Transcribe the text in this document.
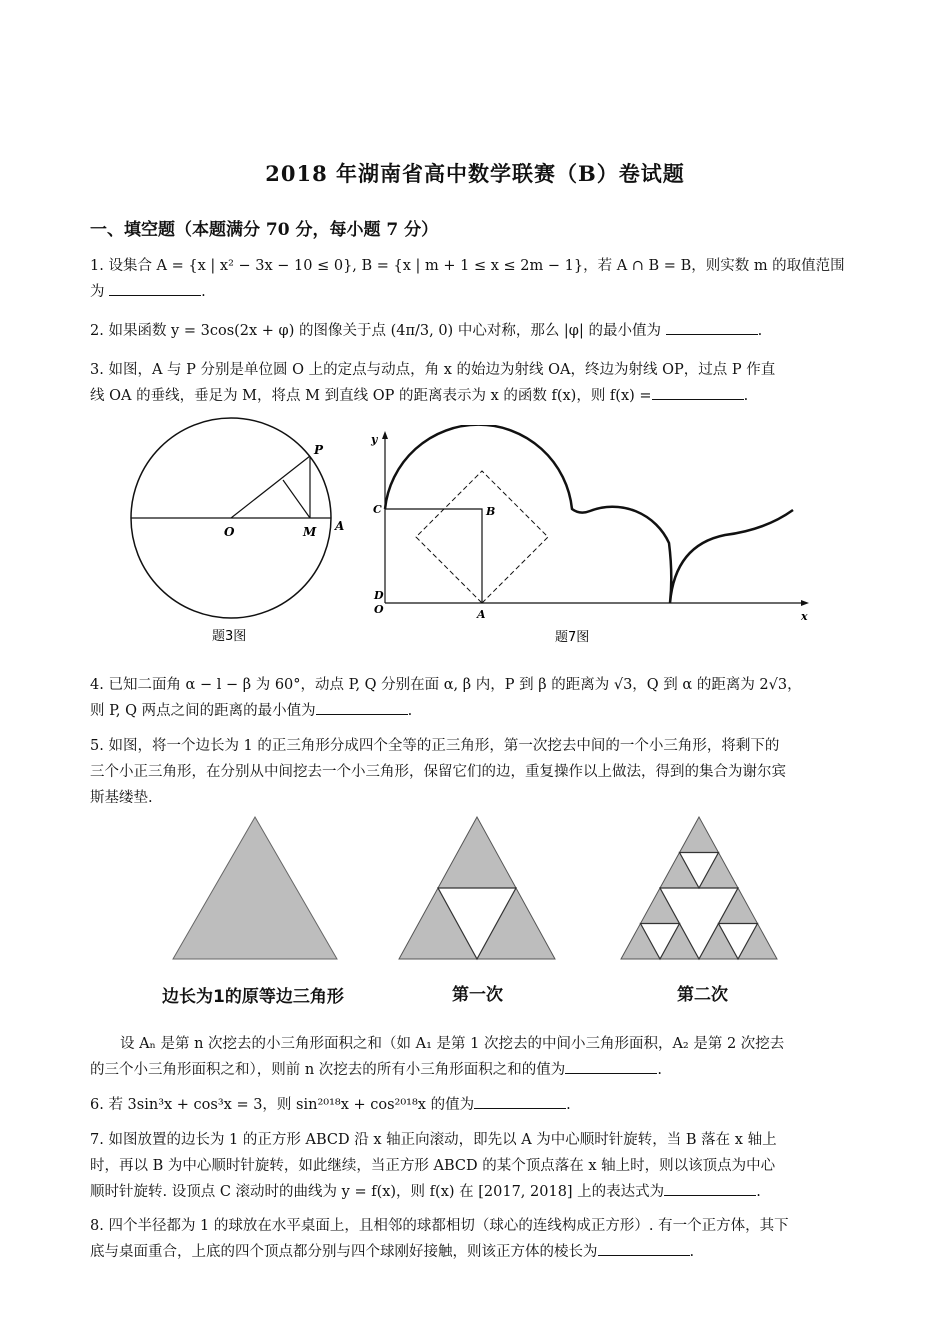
2018 年湖南省高中数学联赛（B）卷试题
一、填空题（本题满分 70 分，每小题 7 分）
1. 设集合 A = {x | x² − 3x − 10 ≤ 0}, B = {x | m + 1 ≤ x ≤ 2m − 1}，若 A ∩ B = B，则实数 m 的取值范围
为	.
2. 如果函数 y = 3cos(2x + φ) 的图像关于点 (4π/3, 0) 中心对称，那么 |φ| 的最小值为	.
3. 如图，A 与 P 分别是单位圆 O 上的定点与动点，角 x 的始边为射线 OA，终边为射线 OP，过点 P 作直
线 OA 的垂线，垂足为 M，将点 M 到直线 OP 的距离表示为 x 的函数 f(x)，则 f(x) =	.
O	M A
P
题3图
y
x
C	B
D
O	A
题7图
4. 已知二面角 α − l − β 为 60°，动点 P, Q 分别在面 α, β 内，P 到 β 的距离为 √3，Q 到 α 的距离为 2√3，
则 P, Q 两点之间的距离的最小值为	.
5. 如图，将一个边长为 1 的正三角形分成四个全等的正三角形，第一次挖去中间的一个小三角形，将剩下的
三个小正三角形，在分别从中间挖去一个小三角形，保留它们的边，重复操作以上做法，得到的集合为谢尔宾
斯基缕垫.
边长为1的原等边三角形	第一次	第二次
设 Aₙ 是第 n 次挖去的小三角形面积之和（如 A₁ 是第 1 次挖去的中间小三角形面积，A₂ 是第 2 次挖去
的三个小三角形面积之和），则前 n 次挖去的所有小三角形面积之和的值为	.
6. 若 3sin³x + cos³x = 3，则 sin²⁰¹⁸x + cos²⁰¹⁸x 的值为	.
7. 如图放置的边长为 1 的正方形 ABCD 沿 x 轴正向滚动，即先以 A 为中心顺时针旋转，当 B 落在 x 轴上
时，再以 B 为中心顺时针旋转，如此继续，当正方形 ABCD 的某个顶点落在 x 轴上时，则以该顶点为中心
顺时针旋转. 设顶点 C 滚动时的曲线为 y = f(x)，则 f(x) 在 [2017, 2018] 上的表达式为	.
8. 四个半径都为 1 的球放在水平桌面上，且相邻的球都相切（球心的连线构成正方形）. 有一个正方体，其下
底与桌面重合，上底的四个顶点都分别与四个球刚好接触，则该正方体的棱长为	.
